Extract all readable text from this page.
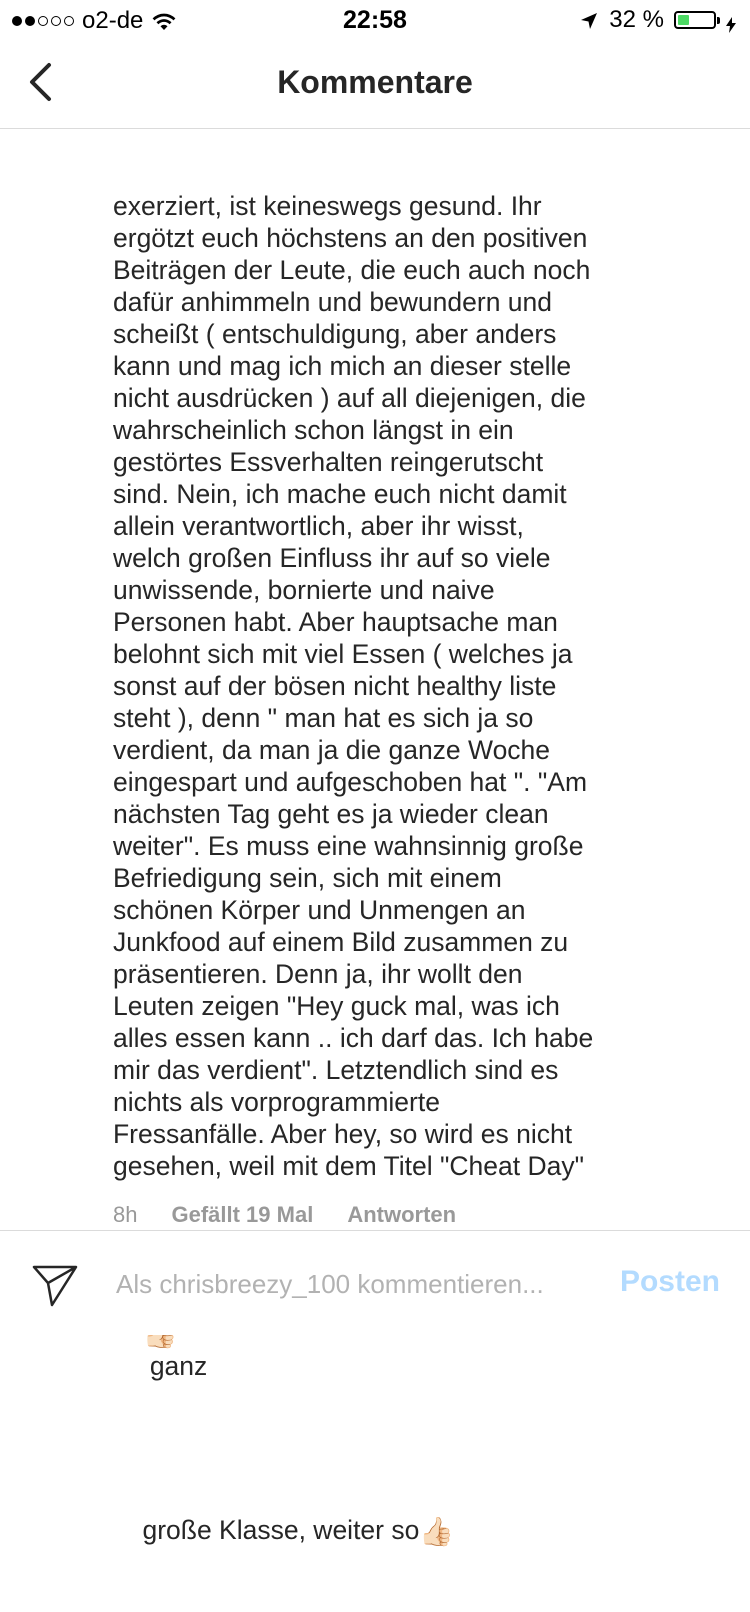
o2-de	22:58	32 %
Kommentare

exerziert, ist keineswegs gesund. Ihr
ergötzt euch höchstens an den positiven
Beiträgen der Leute, die euch auch noch
dafür anhimmeln und bewundern und
scheißt ( entschuldigung, aber anders
kann und mag ich mich an dieser stelle
nicht ausdrücken ) auf all diejenigen, die
wahrscheinlich schon längst in ein
gestörtes Essverhalten reingerutscht
sind. Nein, ich mache euch nicht damit
allein verantwortlich, aber ihr wisst,
welch großen Einfluss ihr auf so viele
unwissende, bornierte und naive
Personen habt. Aber hauptsache man
belohnt sich mit viel Essen ( welches ja
sonst auf der bösen nicht healthy liste
steht ), denn " man hat es sich ja so
verdient, da man ja die ganze Woche
eingespart und aufgeschoben hat ". "Am
nächsten Tag geht es ja wieder clean
weiter". Es muss eine wahnsinnig große
Befriedigung sein, sich mit einem
schönen Körper und Unmengen an
Junkfood auf einem Bild zusammen zu
präsentieren. Denn ja, ihr wollt den
Leuten zeigen "Hey guck mal, was ich
alles essen kann .. ich darf das. Ich habe
mir das verdient". Letztendlich sind es
nichts als vorprogrammierte
Fressanfälle. Aber hey, so wird es nicht
gesehen, weil mit dem Titel "Cheat Day"

ganz

große Klasse, weiter so👍🏻

8h Gefällt 19 Mal Antworten
Als chrisbreezy_100 kommentieren...
Posten
